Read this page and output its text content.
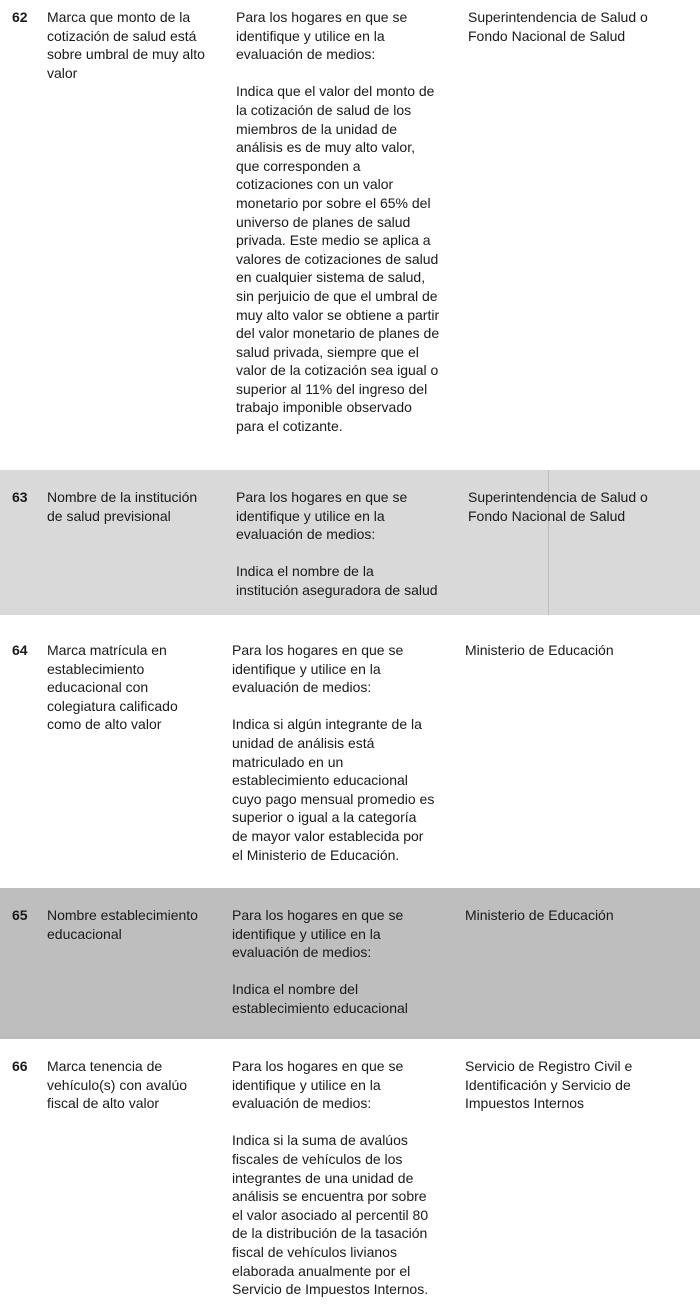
62 Marca que monto de la
cotización de salud está
sobre umbral de muy alto
valor
Para los hogares en que se
identifique y utilice en la
evaluación de medios:
Indica que el valor del monto de
la cotización de salud de los
miembros de la unidad de
análisis es de muy alto valor,
que corresponden a
cotizaciones con un valor
monetario por sobre el 65% del
universo de planes de salud
privada. Este medio se aplica a
valores de cotizaciones de salud
en cualquier sistema de salud,
sin perjuicio de que el umbral de
muy alto valor se obtiene a partir
del valor monetario de planes de
salud privada, siempre que el
valor de la cotización sea igual o
superior al 11% del ingreso del
trabajo imponible observado
para el cotizante.
Superintendencia de Salud o
Fondo Nacional de Salud
63 Nombre de la institución
de salud previsional
Para los hogares en que se
identifique y utilice en la
evaluación de medios:
Indica el nombre de la
institución aseguradora de salud
Superintendencia de Salud o
Fondo Nacional de Salud
64 Marca matrícula en
establecimiento
educacional con
colegiatura calificado
como de alto valor
Para los hogares en que se
identifique y utilice en la
evaluación de medios:
Indica si algún integrante de la
unidad de análisis está
matriculado en un
establecimiento educacional
cuyo pago mensual promedio es
superior o igual a la categoría
de mayor valor establecida por
el Ministerio de Educación.
Ministerio de Educación
65 Nombre establecimiento
educacional
Para los hogares en que se
identifique y utilice en la
evaluación de medios:
Indica el nombre del
establecimiento educacional
Ministerio de Educación
66 Marca tenencia de
vehículo(s) con avalúo
fiscal de alto valor
Para los hogares en que se
identifique y utilice en la
evaluación de medios:
Indica si la suma de avalúos
fiscales de vehículos de los
integrantes de una unidad de
análisis se encuentra por sobre
el valor asociado al percentil 80
de la distribución de la tasación
fiscal de vehículos livianos
elaborada anualmente por el
Servicio de Impuestos Internos.
Servicio de Registro Civil e
Identificación y Servicio de
Impuestos Internos
